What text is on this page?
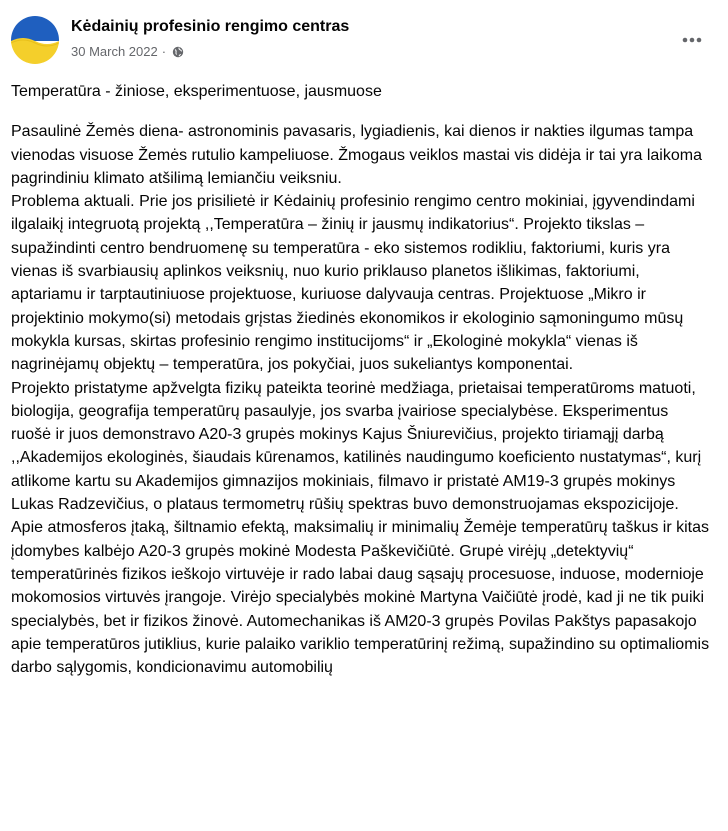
Kėdainių profesinio rengimo centras
30 March 2022 ·

Temperatūra - žiniose, eksperimentuose, jausmuose

Pasaulinė Žemės diena- astronominis pavasaris, lygiadienis, kai dienos ir nakties ilgumas tampa vienodas visuose Žemės rutulio kampeliuose. Žmogaus veiklos mastai vis didėja ir tai yra laikoma pagrindiniu klimato atšilimą lemiančiu veiksniu.

Problema aktuali. Prie jos prisilietė ir Kėdainių profesinio rengimo centro mokiniai, įgyvendindami ilgalaikį integruotą projektą ,,Temperatūra – žinių ir jausmų indikatorius“. Projekto tikslas – supažindinti centro bendruomenę su temperatūra - eko sistemos rodikliu, faktoriumi, kuris yra vienas iš svarbiausių aplinkos veiksnių, nuo kurio priklauso planetos išlikimas, faktoriumi, aptariamu ir tarptautiniuose projektuose, kuriuose dalyvauja centras. Projektuose „Mikro ir projektinio mokymo(si) metodais grįstas žiedinės ekonomikos ir ekologinio sąmoningumo mūsų mokykla kursas, skirtas profesinio rengimo institucijoms“ ir „Ekologinė mokykla“ vienas iš nagrinėjamų objektų – temperatūra, jos pokyčiai, juos sukeliantys komponentai.

Projekto pristatyme apžvelgta fizikų pateikta teorinė medžiaga, prietaisai temperatūroms matuoti, biologija, geografija temperatūrų pasaulyje, jos svarba įvairiose specialybėse. Eksperimentus ruošė ir juos demonstravo A20-3 grupės mokinys Kajus Šniurevičius, projekto tiriamąjį darbą ,,Akademijos ekologinės, šiaudais kūrenamos, katilinės naudingumo koeficiento nustatymas“, kurį atlikome kartu su Akademijos gimnazijos mokiniais, filmavo ir pristatė AM19-3 grupės mokinys Lukas Radzevičius, o plataus termometrų rūšių spektras buvo demonstruojamas ekspozicijoje.

Apie atmosferos įtaką, šiltnamio efektą, maksimalių ir minimalių Žemėje temperatūrų taškus ir kitas įdomybes kalbėjo A20-3 grupės mokinė Modesta Paškevičiūtė. Grupė virėjų „detektyvių“ temperatūrinės fizikos ieškojo virtuvėje ir rado labai daug sąsajų procesuose, induose, modernioje mokomosios virtuvės įrangoje. Virėjo specialybės mokinė Martyna Vaičiūtė įrodė, kad ji ne tik puiki specialybės, bet ir fizikos žinovė. Automechanikas iš AM20-3 grupės Povilas Pakštys papasakojo apie temperatūros jutiklius, kurie palaiko variklio temperatūrinį režimą, supažindino su optimaliomis darbo sąlygomis, kondicionavimu automobilių
